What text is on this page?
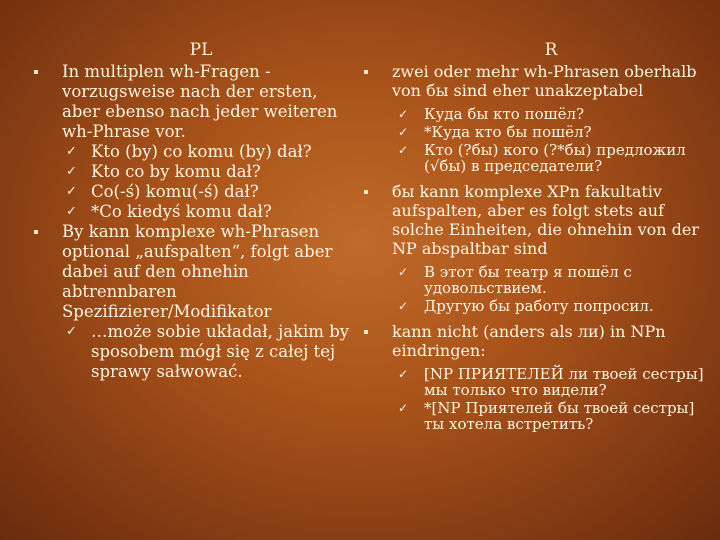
PL

In multiplen wh-Fragen - vorzugsweise nach der ersten, aber ebenso nach jeder weiteren wh-Phrase vor.

✓ Kto (by) co komu (by) dał?
✓ Kto co by komu dał?
✓ Co(-ś) komu(-ś) dał?
✓ *Co kiedyś komu dał?

By kann komplexe wh-Phrasen optional „aufspalten“, folgt aber dabei auf den ohnehin abtrennbaren Spezifizierer/Modifikator

✓ …może sobie układał, jakim by sposobem mógł się z całej tej sprawy sałwować.
R

zwei oder mehr wh-Phrasen oberhalb von бы sind eher unakzeptabel

✓ Куда бы кто пошёл?
✓ *Куда кто бы пошёл?
✓ Кто (?бы) кого (?*бы) предложил (√бы) в председатели?

бы kann komplexe XPn fakultativ aufspalten, aber es folgt stets auf solche Einheiten, die ohnehin von der NP abspaltbar sind

✓ В этот бы театр я пошёл с удовольствием.
✓ Другую бы работу попросил.

kann nicht (anders als ли) in NPn eindringen:

✓ [NP ПРИЯТЕЛЕЙ ли твоей сестры] мы только что видели?
✓ *[NP Приятелей бы твоей сестры] ты хотела встретить?
